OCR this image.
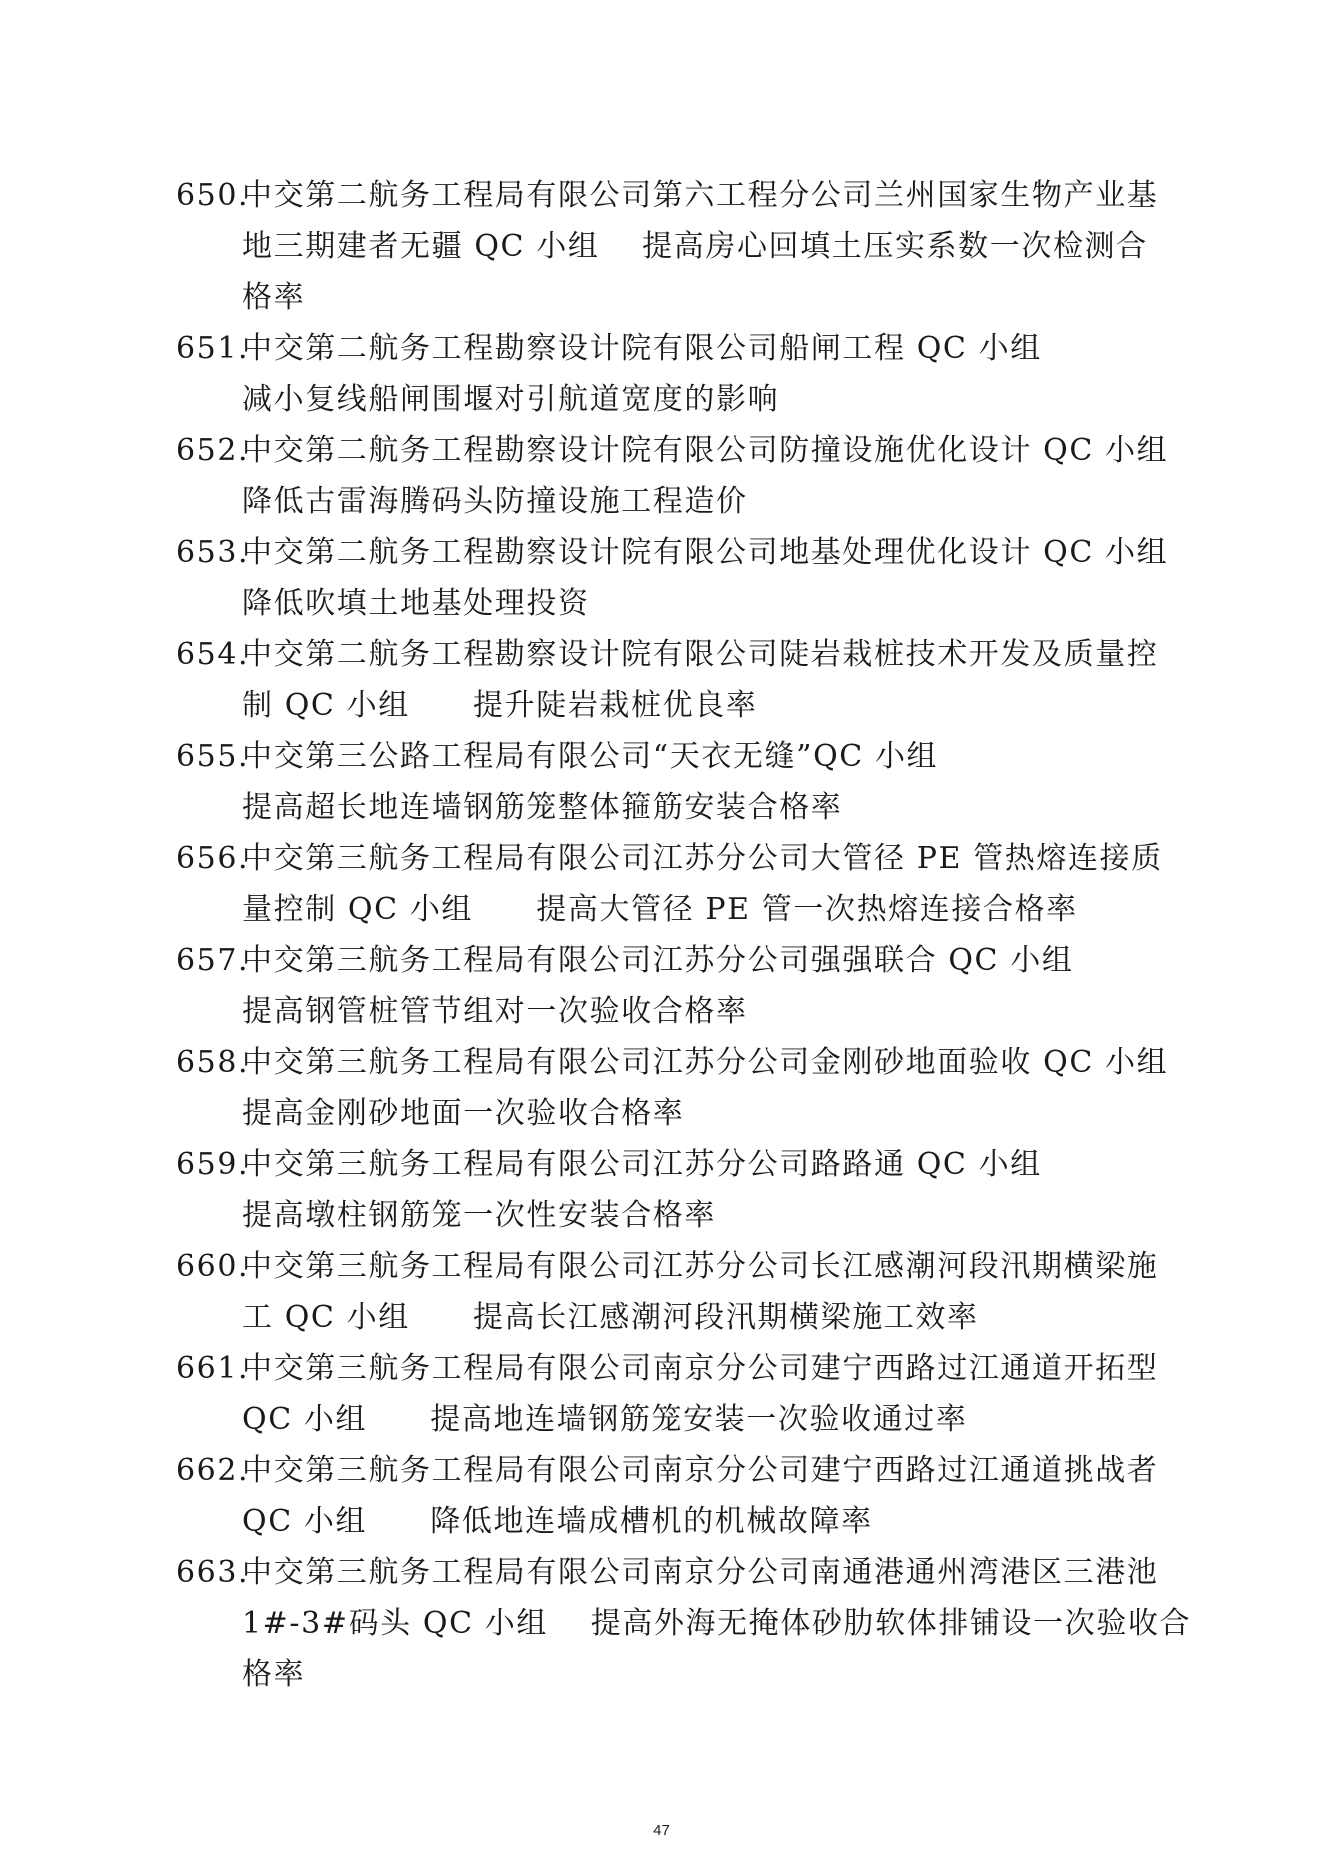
650.中交第二航务工程局有限公司第六工程分公司兰州国家生物产业基
地三期建者无疆 QC 小组　 提高房心回填土压实系数一次检测合
格率
651.中交第二航务工程勘察设计院有限公司船闸工程 QC 小组
减小复线船闸围堰对引航道宽度的影响
652.中交第二航务工程勘察设计院有限公司防撞设施优化设计 QC 小组
降低古雷海腾码头防撞设施工程造价
653.中交第二航务工程勘察设计院有限公司地基处理优化设计 QC 小组
降低吹填土地基处理投资
654.中交第二航务工程勘察设计院有限公司陡岩栽桩技术开发及质量控
制 QC 小组　　提升陡岩栽桩优良率
655.中交第三公路工程局有限公司“天衣无缝”QC 小组
提高超长地连墙钢筋笼整体箍筋安装合格率
656.中交第三航务工程局有限公司江苏分公司大管径 PE 管热熔连接质
量控制 QC 小组　　提高大管径 PE 管一次热熔连接合格率
657.中交第三航务工程局有限公司江苏分公司强强联合 QC 小组
提高钢管桩管节组对一次验收合格率
658.中交第三航务工程局有限公司江苏分公司金刚砂地面验收 QC 小组
提高金刚砂地面一次验收合格率
659.中交第三航务工程局有限公司江苏分公司路路通 QC 小组
提高墩柱钢筋笼一次性安装合格率
660.中交第三航务工程局有限公司江苏分公司长江感潮河段汛期横梁施
工 QC 小组　　提高长江感潮河段汛期横梁施工效率
661.中交第三航务工程局有限公司南京分公司建宁西路过江通道开拓型
QC 小组　　提高地连墙钢筋笼安装一次验收通过率
662.中交第三航务工程局有限公司南京分公司建宁西路过江通道挑战者
QC 小组　　降低地连墙成槽机的机械故障率
663.中交第三航务工程局有限公司南京分公司南通港通州湾港区三港池
1#-3#码头 QC 小组　 提高外海无掩体砂肋软体排铺设一次验收合
格率
47
